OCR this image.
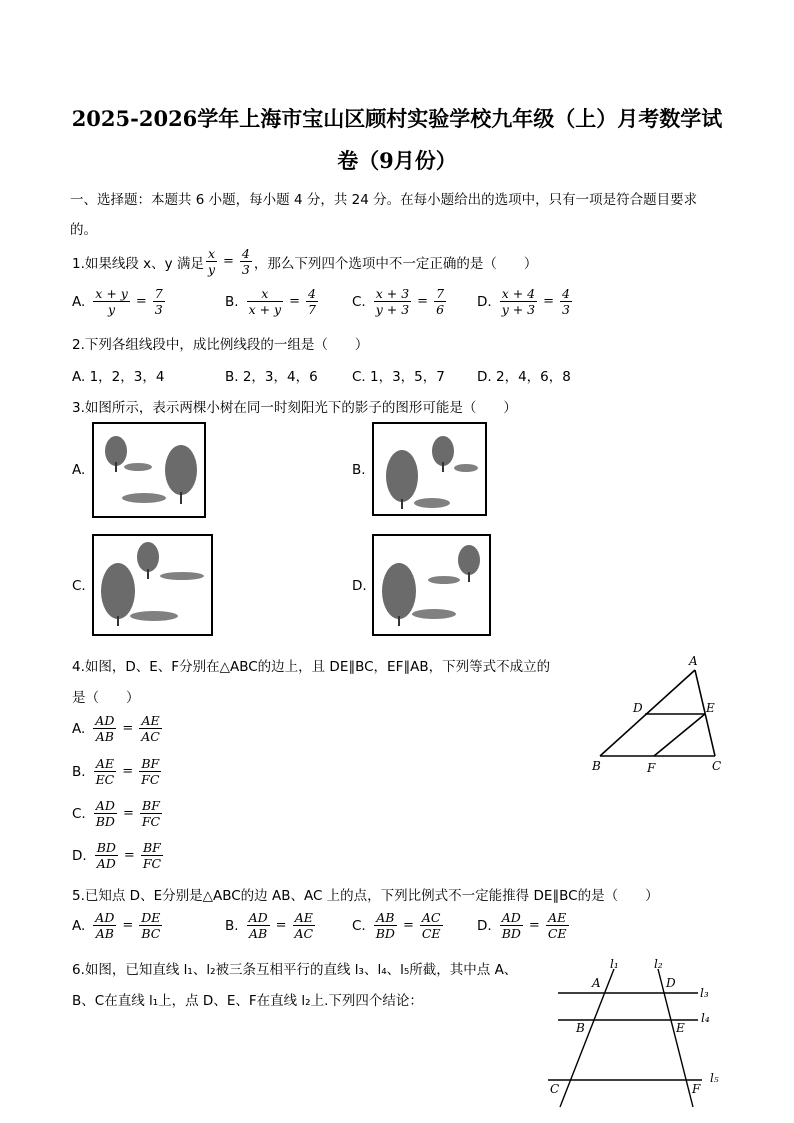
2025-2026学年上海市宝山区顾村实验学校九年级（上）月考数学试
卷（9月份）
一、选择题：本题共 6 小题，每小题 4 分，共 24 分。在每小题给出的选项中，只有一项是符合题目要求
的。
1.如果线段 x、y 满足 $\frac{x}{y} = \frac{4}{3}$ ，那么下列四个选项中不一定正确的是（　　）
A. $\frac{x + y}{y} = \frac{7}{3}$	B. $\frac{x}{x + y} = \frac{4}{7}$	C. $\frac{x + 3}{y + 3} = \frac{7}{6} D$. $\frac{x + 4}{y + 3} = \frac{4}{3}$
2.下列各组线段中，成比例线段的一组是（　　）
A. 1，2，3，4	B. 2，3，4，6	C. 1，3，5，7 D. 2，4，6，8
3.如图所示，表示两棵小树在同一时刻阳光下的影子的图形可能是（　　）
A.	B.
C.	D.
4.如图，D、E、F分别在△ABC的边上，且 DE∥BC，EF∥AB，下列等式不成立的
是（　　）
A. $\frac{AD}{AB} = \frac{AE}{AC}$
B. $\frac{AE}{EC} = \frac{BF}{FC}$
C. $\frac{AD}{BD} = \frac{BF}{FC}$
D. $\frac{BD}{AD} = \frac{BF}{FC}$
A
D	E
B	F	C
5.已知点 D、E分别是△ABC的边 AB、AC 上的点，下列比例式不一定能推得 DE∥BC的是（　　）
A. $\frac{AD}{AB} = \frac{DE}{BC}$	B. $\frac{AD}{AB} = \frac{AE}{AC}$	C. $\frac{AB}{BD} = \frac{AC}{CE}$	D. $\frac{AD}{BD} = \frac{AE}{CE}$
6.如图，已知直线 l₁、l₂被三条互相平行的直线 l₃、l₄、l₅所截，其中点 A、
B、C在直线 l₁上，点 D、E、F在直线 l₂上.下列四个结论：
l₁	l₂
l₃
l₄
l₅
A
B
C
D
E
F
